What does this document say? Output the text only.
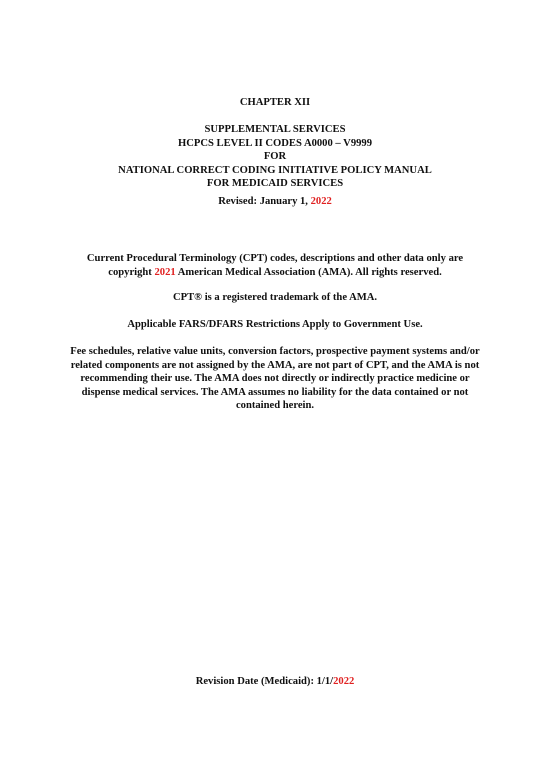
CHAPTER XII
SUPPLEMENTAL SERVICES
HCPCS LEVEL II CODES A0000 – V9999
FOR
NATIONAL CORRECT CODING INITIATIVE POLICY MANUAL
FOR MEDICAID SERVICES
Revised: January 1, 2022
Current Procedural Terminology (CPT) codes, descriptions and other data only are
copyright 2021 American Medical Association (AMA). All rights reserved.
CPT® is a registered trademark of the AMA.
Applicable FARS/DFARS Restrictions Apply to Government Use.
Fee schedules, relative value units, conversion factors, prospective payment systems and/or
related components are not assigned by the AMA, are not part of CPT, and the AMA is not
recommending their use. The AMA does not directly or indirectly practice medicine or
dispense medical services. The AMA assumes no liability for the data contained or not
contained herein.
Revision Date (Medicaid): 1/1/2022
